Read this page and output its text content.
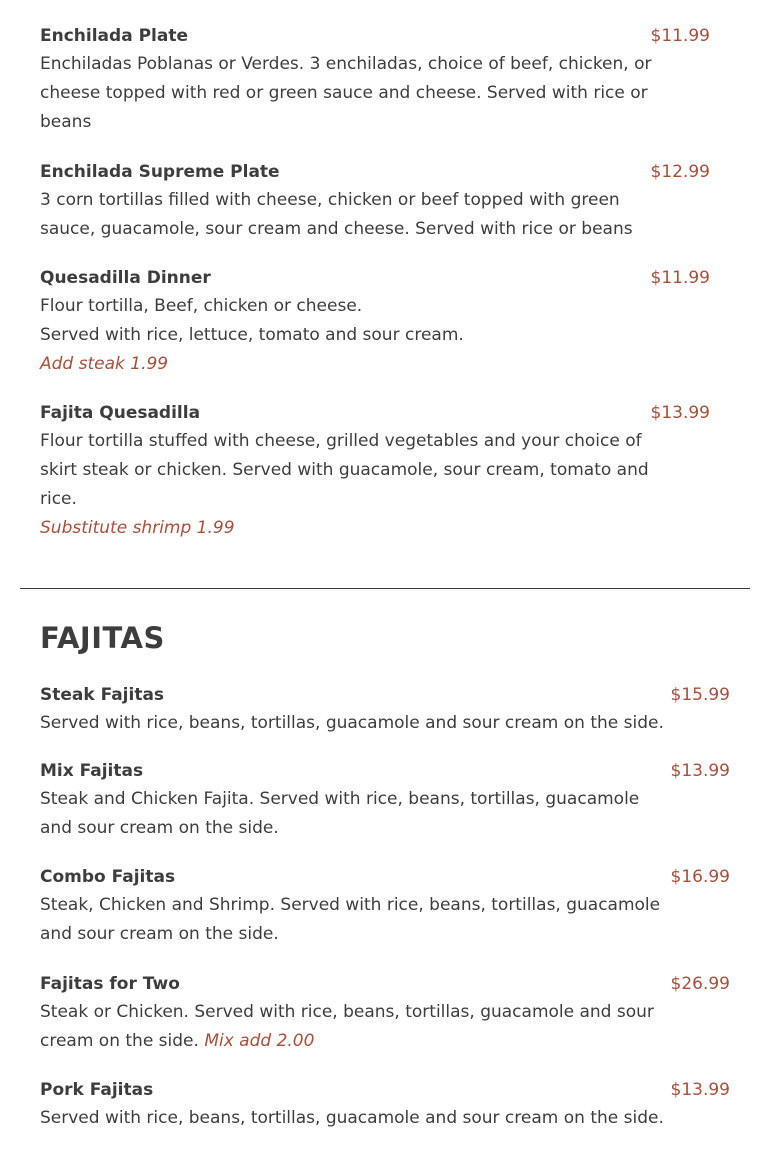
Enchilada Plate	$11.99

Enchiladas Poblanas or Verdes. 3 enchiladas, choice of beef, chicken, or cheese topped with red or green sauce and cheese. Served with rice or beans

Enchilada Supreme Plate	$12.99

3 corn tortillas filled with cheese, chicken or beef topped with green sauce, guacamole, sour cream and cheese. Served with rice or beans

Quesadilla Dinner	$11.99

Flour tortilla, Beef, chicken or cheese.

Served with rice, lettuce, tomato and sour cream.

Add steak 1.99

Fajita Quesadilla	$13.99

Flour tortilla stuffed with cheese, grilled vegetables and your choice of skirt steak or chicken. Served with guacamole, sour cream, tomato and rice.

Substitute shrimp 1.99

FAJITAS
Steak Fajitas	$15.99

Served with rice, beans, tortillas, guacamole and sour cream on the side.

Mix Fajitas	$13.99

Steak and Chicken Fajita. Served with rice, beans, tortillas, guacamole and sour cream on the side.

Combo Fajitas	$16.99

Steak, Chicken and Shrimp. Served with rice, beans, tortillas, guacamole and sour cream on the side.

Fajitas for Two	$26.99

Steak or Chicken. Served with rice, beans, tortillas, guacamole and sour cream on the side. Mix add 2.00

Pork Fajitas	$13.99

Served with rice, beans, tortillas, guacamole and sour cream on the side.
